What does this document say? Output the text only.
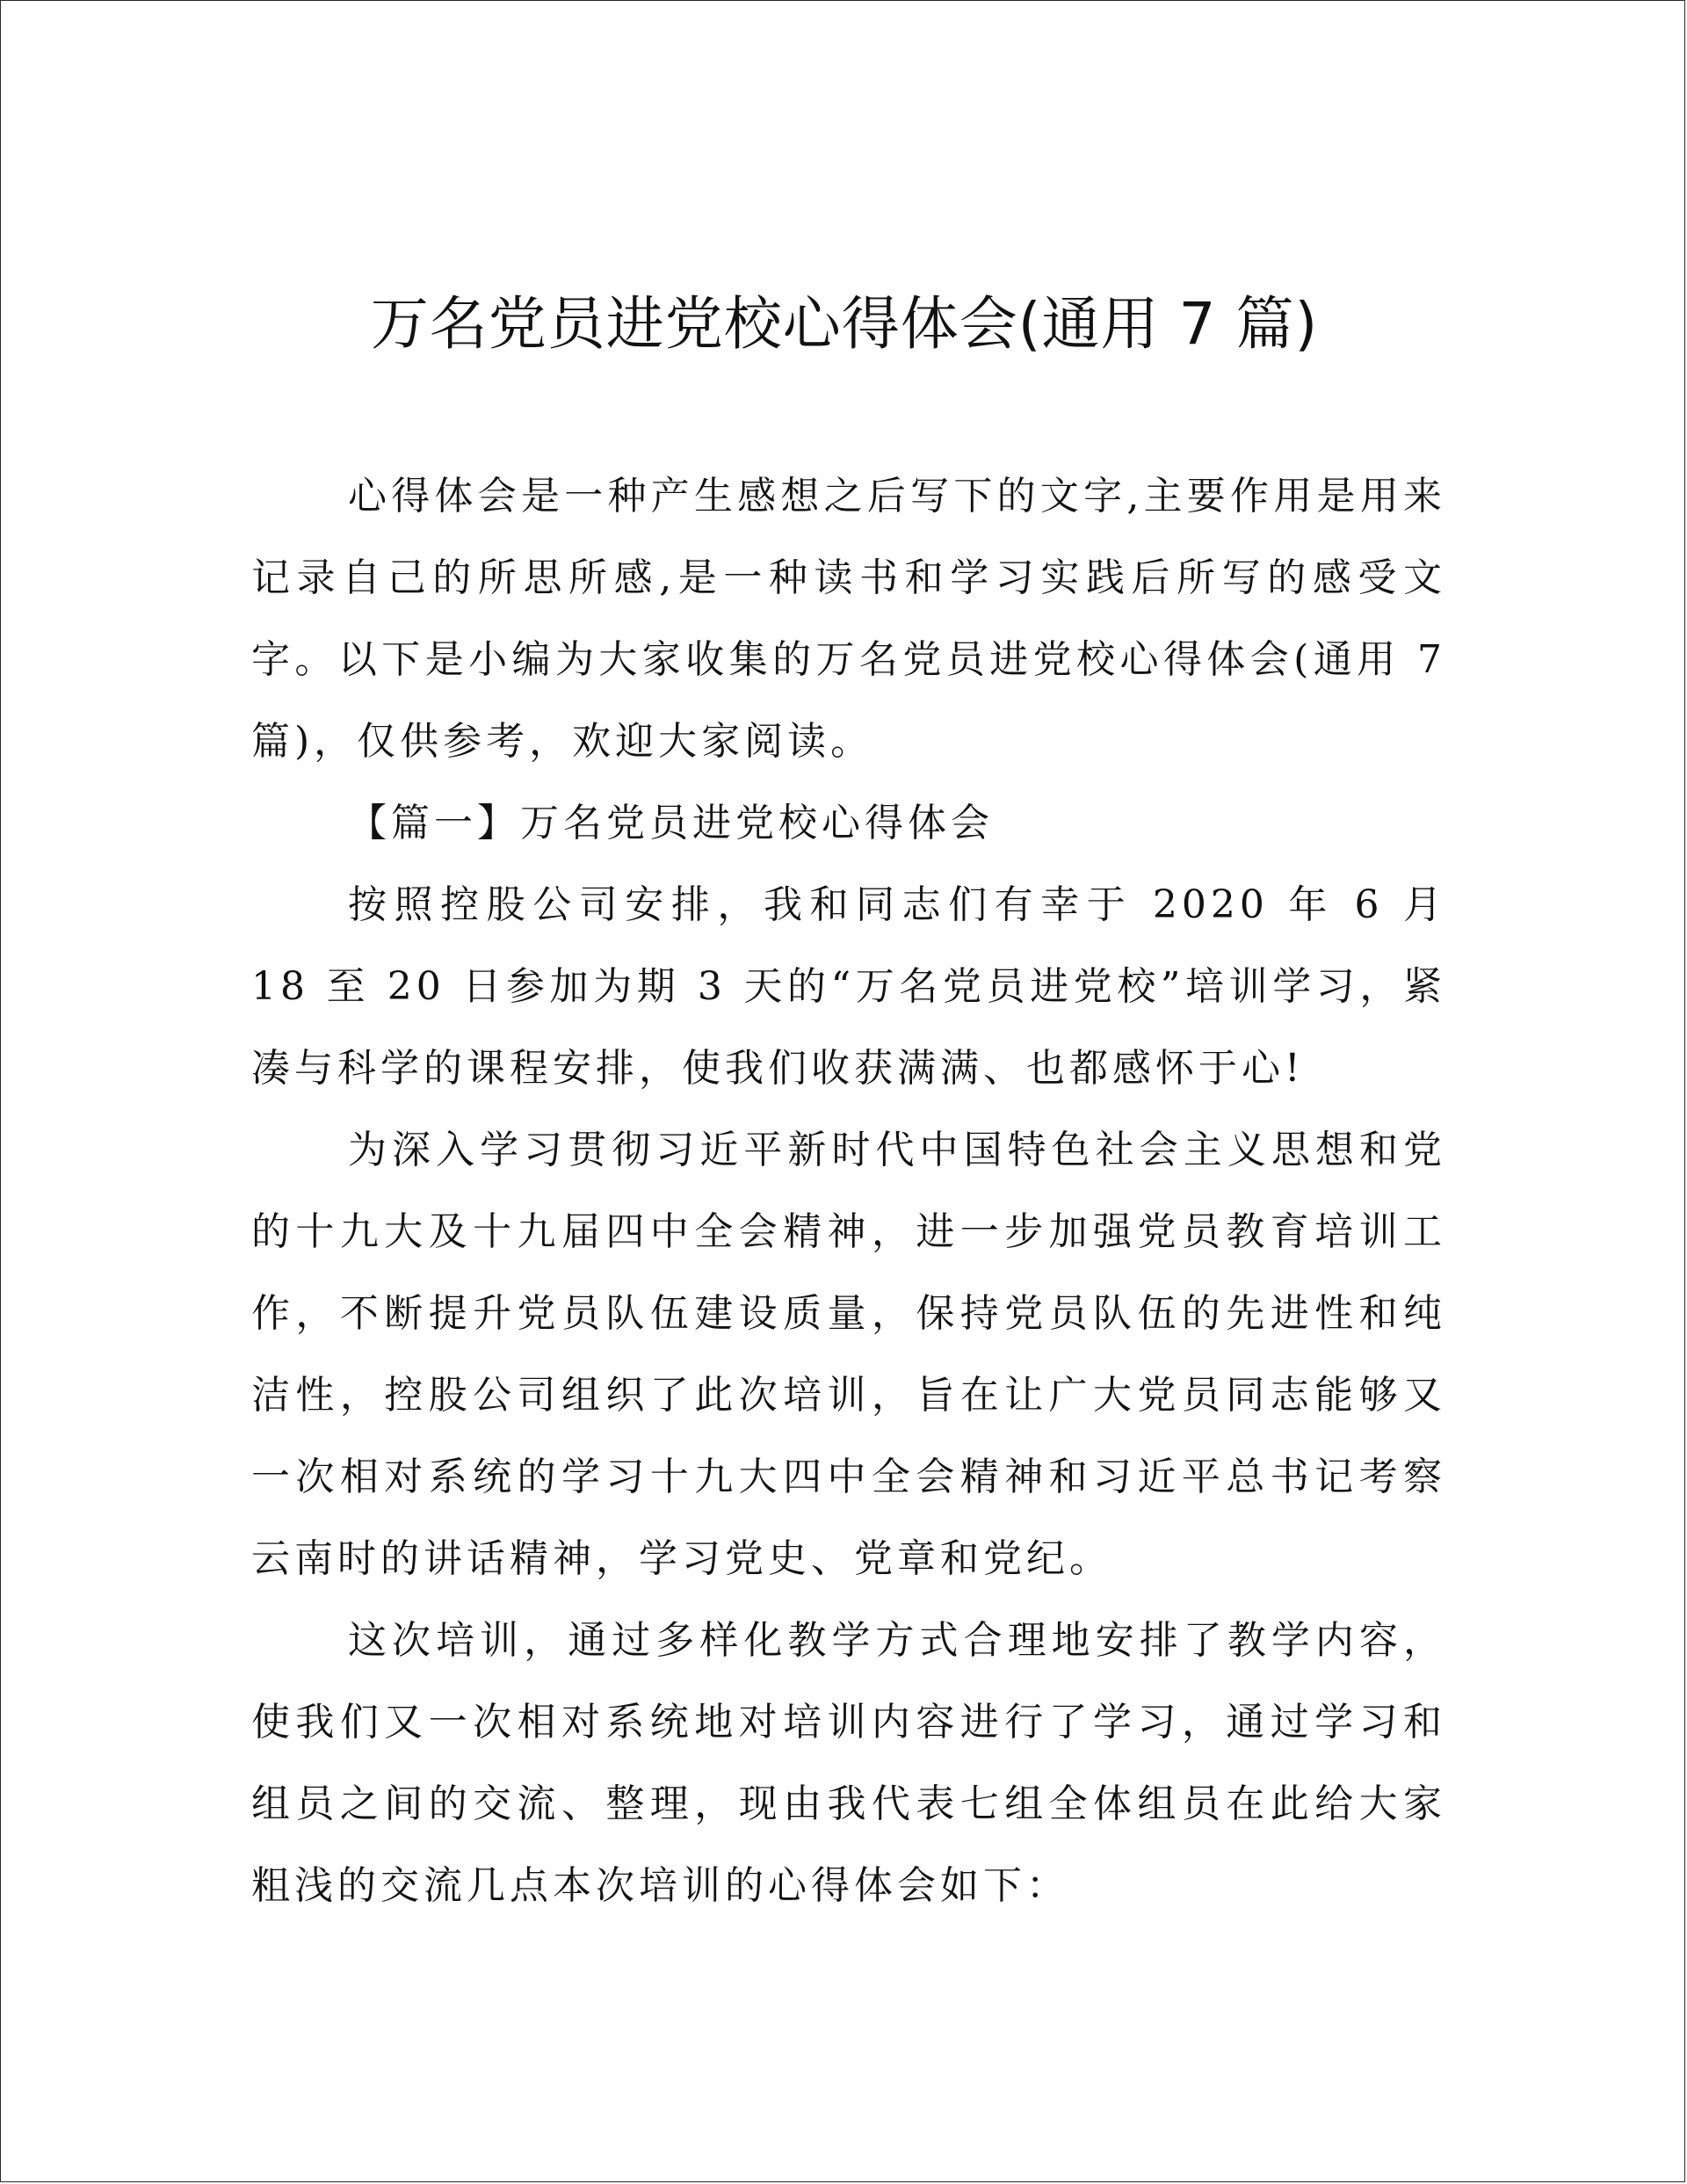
万名党员进党校心得体会(通用 7 篇)

心得体会是一种产生感想之后写下的文字,主要作用是用来记录自己的所思所感,是一种读书和学习实践后所写的感受文字。以下是小编为大家收集的万名党员进党校心得体会(通用 7 篇)，仅供参考，欢迎大家阅读。

【篇一】万名党员进党校心得体会

按照控股公司安排，我和同志们有幸于 2020 年 6 月 18 至 20 日参加为期 3 天的“万名党员进党校”培训学习，紧凑与科学的课程安排，使我们收获满满、也都感怀于心!

为深入学习贯彻习近平新时代中国特色社会主义思想和党的十九大及十九届四中全会精神，进一步加强党员教育培训工作，不断提升党员队伍建设质量，保持党员队伍的先进性和纯洁性，控股公司组织了此次培训，旨在让广大党员同志能够又一次相对系统的学习十九大四中全会精神和习近平总书记考察云南时的讲话精神，学习党史、党章和党纪。

这次培训，通过多样化教学方式合理地安排了教学内容，使我们又一次相对系统地对培训内容进行了学习，通过学习和组员之间的交流、整理，现由我代表七组全体组员在此给大家粗浅的交流几点本次培训的心得体会如下：
